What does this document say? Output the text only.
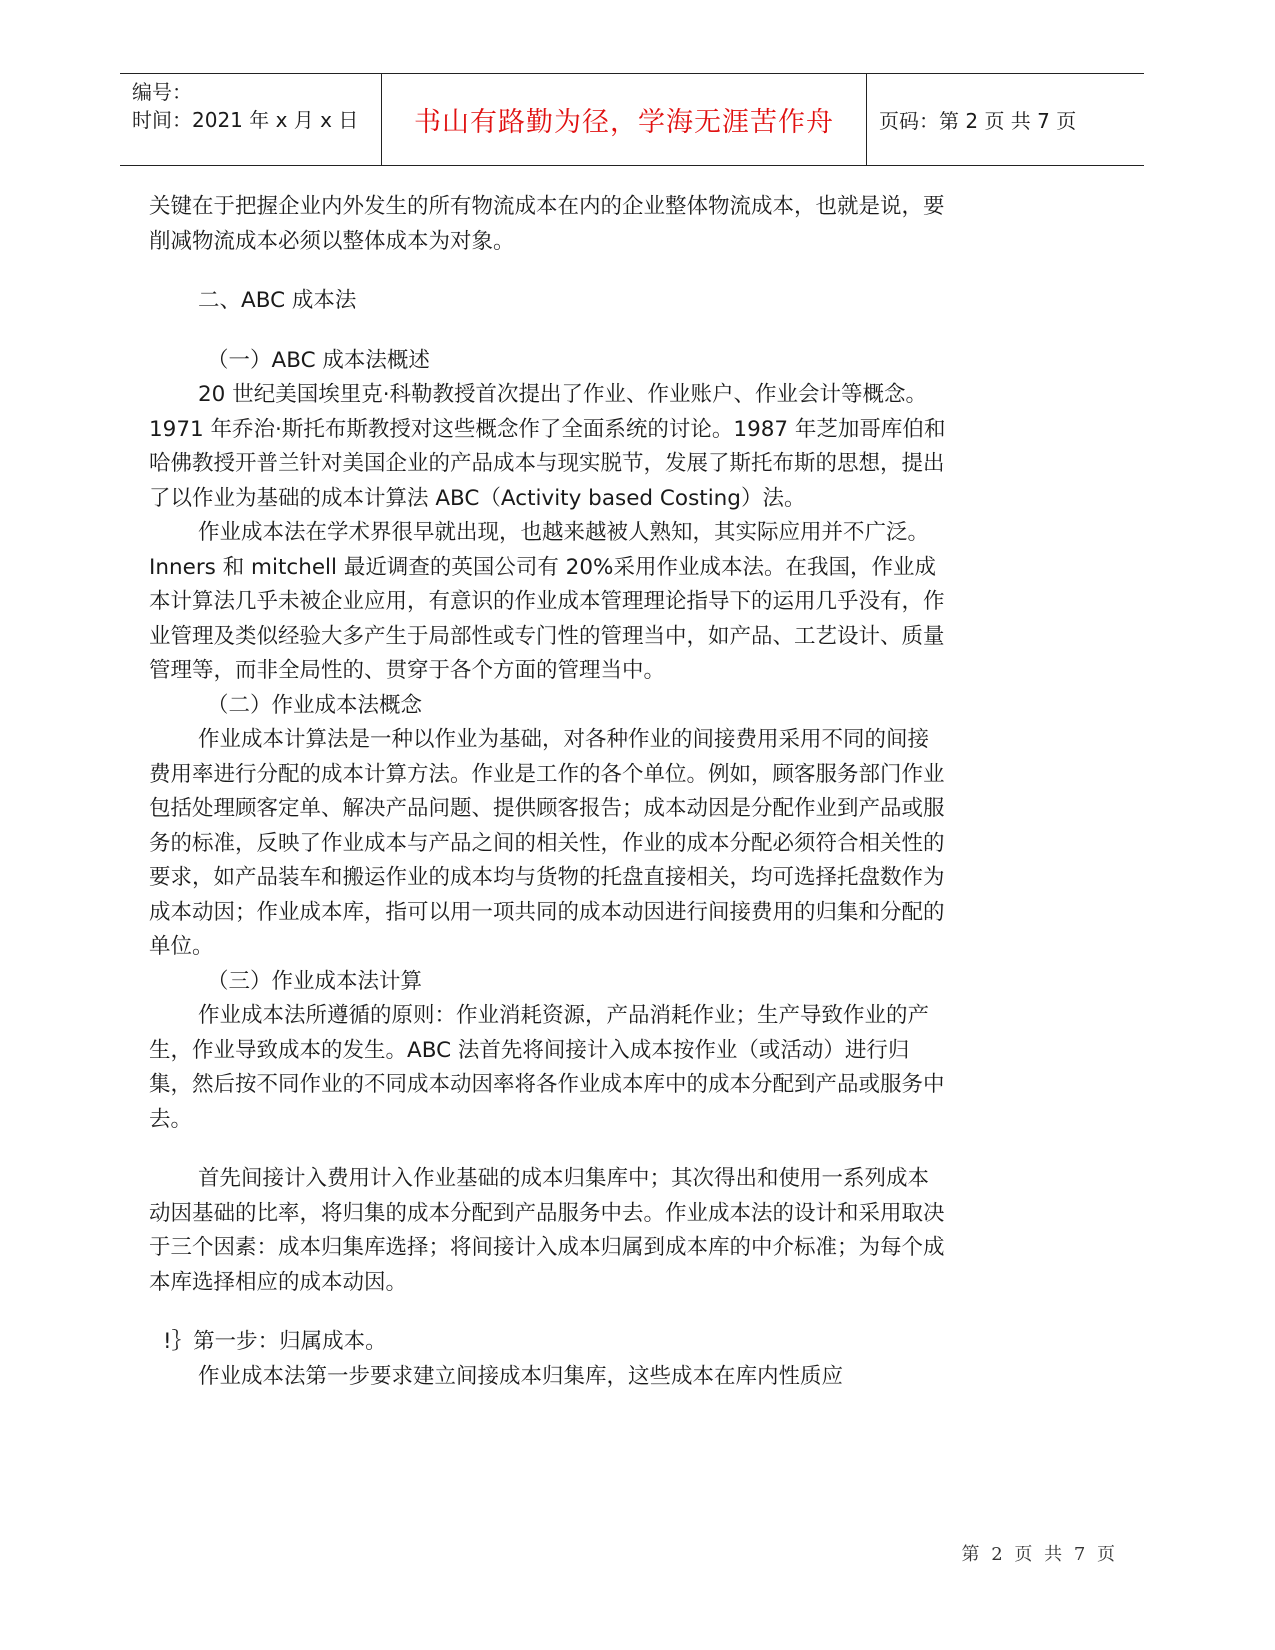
编号：
时间：2021 年 x 月 x 日	书山有路勤为径，学海无涯苦作舟	页码：第 2 页 共 7 页

关键在于把握企业内外发生的所有物流成本在内的企业整体物流成本，也就是说，要削减物流成本必须以整体成本为对象。

二、ABC 成本法

（一）ABC 成本法概述

20 世纪美国埃里克·科勒教授首次提出了作业、作业账户、作业会计等概念。1971 年乔治·斯托布斯教授对这些概念作了全面系统的讨论。1987 年芝加哥库伯和哈佛教授开普兰针对美国企业的产品成本与现实脱节，发展了斯托布斯的思想，提出了以作业为基础的成本计算法 ABC（Activity based Costing）法。

作业成本法在学术界很早就出现，也越来越被人熟知，其实际应用并不广泛。Inners 和 mitchell 最近调查的英国公司有 20%采用作业成本法。在我国，作业成本计算法几乎未被企业应用，有意识的作业成本管理理论指导下的运用几乎没有，作业管理及类似经验大多产生于局部性或专门性的管理当中，如产品、工艺设计、质量管理等，而非全局性的、贯穿于各个方面的管理当中。

（二）作业成本法概念

作业成本计算法是一种以作业为基础，对各种作业的间接费用采用不同的间接费用率进行分配的成本计算方法。作业是工作的各个单位。例如，顾客服务部门作业包括处理顾客定单、解决产品问题、提供顾客报告；成本动因是分配作业到产品或服务的标准，反映了作业成本与产品之间的相关性，作业的成本分配必须符合相关性的要求，如产品装车和搬运作业的成本均与货物的托盘直接相关，均可选择托盘数作为成本动因；作业成本库，指可以用一项共同的成本动因进行间接费用的归集和分配的单位。

（三）作业成本法计算

作业成本法所遵循的原则：作业消耗资源，产品消耗作业；生产导致作业的产生，作业导致成本的发生。ABC 法首先将间接计入成本按作业（或活动）进行归集，然后按不同作业的不同成本动因率将各作业成本库中的成本分配到产品或服务中去。

首先间接计入费用计入作业基础的成本归集库中；其次得出和使用一系列成本动因基础的比率，将归集的成本分配到产品服务中去。作业成本法的设计和采用取决于三个因素：成本归集库选择；将间接计入成本归属到成本库的中介标准；为每个成本库选择相应的成本动因。

!｝第一步：归属成本。

作业成本法第一步要求建立间接成本归集库，这些成本在库内性质应

第 2 页 共 7 页
